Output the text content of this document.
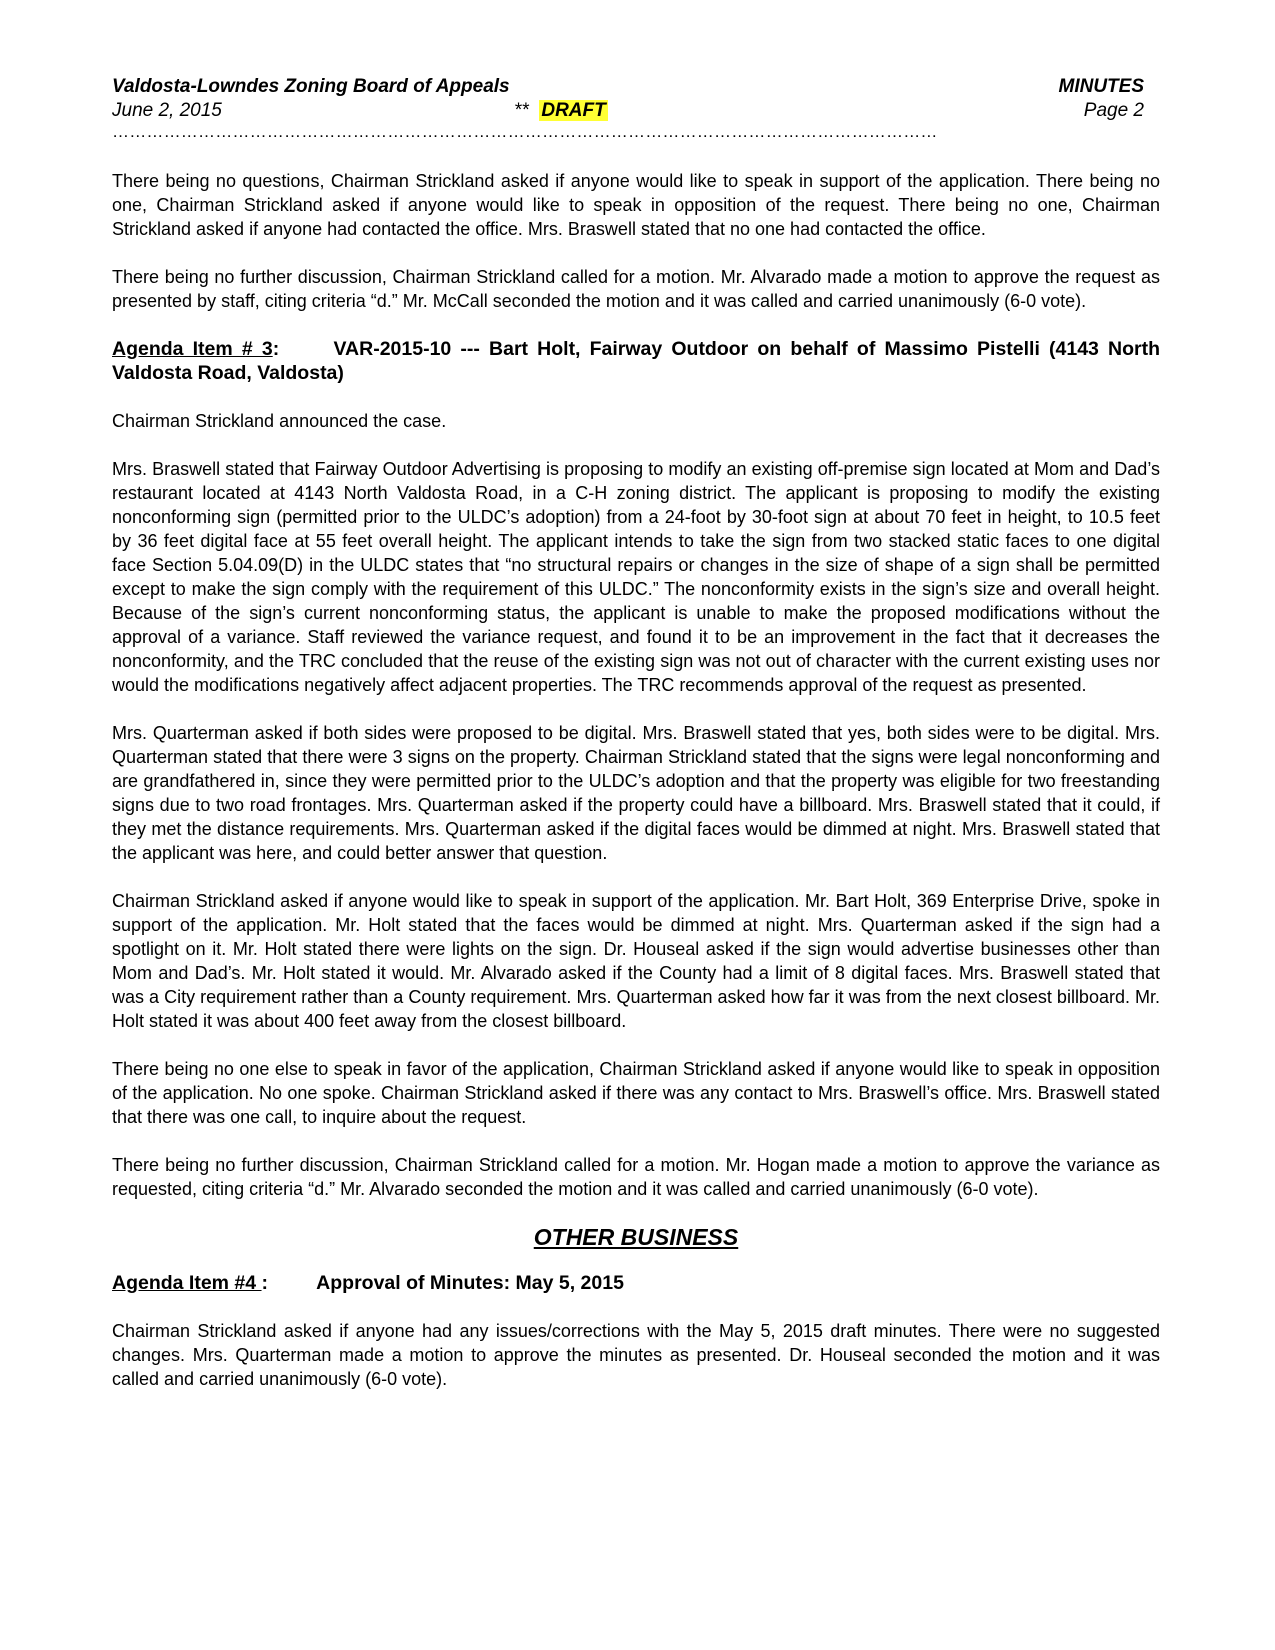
Valdosta-Lowndes Zoning Board of Appeals	MINUTES
June 2, 2015	** DRAFT	Page 2
………………………………………………………………………………………………………………………………

There being no questions, Chairman Strickland asked if anyone would like to speak in support of the application. There being no one, Chairman Strickland asked if anyone would like to speak in opposition of the request. There being no one, Chairman Strickland asked if anyone had contacted the office. Mrs. Braswell stated that no one had contacted the office.

There being no further discussion, Chairman Strickland called for a motion. Mr. Alvarado made a motion to approve the request as presented by staff, citing criteria “d.” Mr. McCall seconded the motion and it was called and carried unanimously (6-0 vote).

Agenda Item # 3:	VAR-2015-10 --- Bart Holt, Fairway Outdoor on behalf of Massimo Pistelli (4143 North Valdosta Road, Valdosta)

Chairman Strickland announced the case.

Mrs. Braswell stated that Fairway Outdoor Advertising is proposing to modify an existing off-premise sign located at Mom and Dad’s restaurant located at 4143 North Valdosta Road, in a C-H zoning district. The applicant is proposing to modify the existing nonconforming sign (permitted prior to the ULDC’s adoption) from a 24-foot by 30-foot sign at about 70 feet in height, to 10.5 feet by 36 feet digital face at 55 feet overall height. The applicant intends to take the sign from two stacked static faces to one digital face Section 5.04.09(D) in the ULDC states that “no structural repairs or changes in the size of shape of a sign shall be permitted except to make the sign comply with the requirement of this ULDC.” The nonconformity exists in the sign’s size and overall height. Because of the sign’s current nonconforming status, the applicant is unable to make the proposed modifications without the approval of a variance. Staff reviewed the variance request, and found it to be an improvement in the fact that it decreases the nonconformity, and the TRC concluded that the reuse of the existing sign was not out of character with the current existing uses nor would the modifications negatively affect adjacent properties. The TRC recommends approval of the request as presented.

Mrs. Quarterman asked if both sides were proposed to be digital. Mrs. Braswell stated that yes, both sides were to be digital. Mrs. Quarterman stated that there were 3 signs on the property. Chairman Strickland stated that the signs were legal nonconforming and are grandfathered in, since they were permitted prior to the ULDC’s adoption and that the property was eligible for two freestanding signs due to two road frontages. Mrs. Quarterman asked if the property could have a billboard. Mrs. Braswell stated that it could, if they met the distance requirements. Mrs. Quarterman asked if the digital faces would be dimmed at night. Mrs. Braswell stated that the applicant was here, and could better answer that question.

Chairman Strickland asked if anyone would like to speak in support of the application. Mr. Bart Holt, 369 Enterprise Drive, spoke in support of the application. Mr. Holt stated that the faces would be dimmed at night. Mrs. Quarterman asked if the sign had a spotlight on it. Mr. Holt stated there were lights on the sign. Dr. Houseal asked if the sign would advertise businesses other than Mom and Dad’s. Mr. Holt stated it would. Mr. Alvarado asked if the County had a limit of 8 digital faces. Mrs. Braswell stated that was a City requirement rather than a County requirement. Mrs. Quarterman asked how far it was from the next closest billboard. Mr. Holt stated it was about 400 feet away from the closest billboard.

There being no one else to speak in favor of the application, Chairman Strickland asked if anyone would like to speak in opposition of the application. No one spoke. Chairman Strickland asked if there was any contact to Mrs. Braswell’s office. Mrs. Braswell stated that there was one call, to inquire about the request.

There being no further discussion, Chairman Strickland called for a motion. Mr. Hogan made a motion to approve the variance as requested, citing criteria “d.” Mr. Alvarado seconded the motion and it was called and carried unanimously (6-0 vote).

OTHER BUSINESS
Agenda Item #4 : Approval of Minutes: May 5, 2015

Chairman Strickland asked if anyone had any issues/corrections with the May 5, 2015 draft minutes. There were no suggested changes. Mrs. Quarterman made a motion to approve the minutes as presented. Dr. Houseal seconded the motion and it was called and carried unanimously (6-0 vote).
